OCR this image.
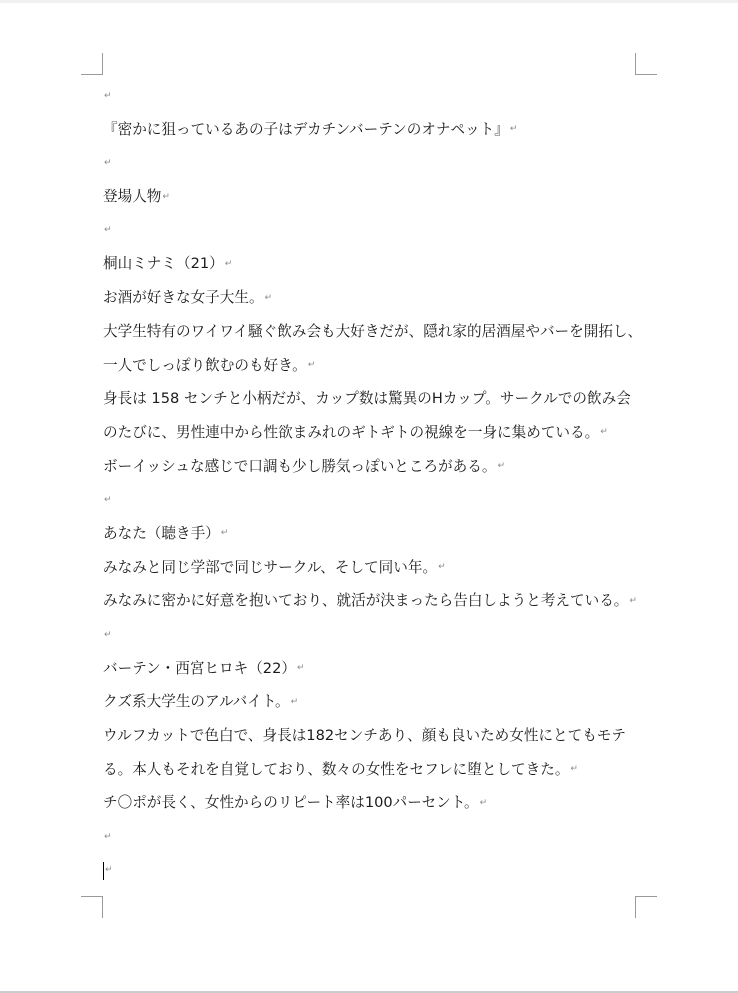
↵
『密かに狙っているあの子はデカチンバーテンのオナペット』↵
↵
登場人物↵
↵
桐山ミナミ（21）↵
お酒が好きな女子大生。↵
大学生特有のワイワイ騒ぐ飲み会も大好きだが、隠れ家的居酒屋やバーを開拓し、
一人でしっぽり飲むのも好き。↵
身長は 158 センチと小柄だが、カップ数は驚異のHカップ。サークルでの飲み会
のたびに、男性連中から性欲まみれのギトギトの視線を一身に集めている。↵
ボーイッシュな感じで口調も少し勝気っぽいところがある。↵
↵
あなた（聴き手）↵
みなみと同じ学部で同じサークル、そして同い年。↵
みなみに密かに好意を抱いており、就活が決まったら告白しようと考えている。↵
↵
バーテン・西宮ヒロキ（22）↵
クズ系大学生のアルバイト。↵
ウルフカットで色白で、身長は182センチあり、顔も良いため女性にとてもモテ
る。本人もそれを自覚しており、数々の女性をセフレに堕としてきた。↵
チ〇ポが長く、女性からのリピート率は100パーセント。↵
↵
↵
